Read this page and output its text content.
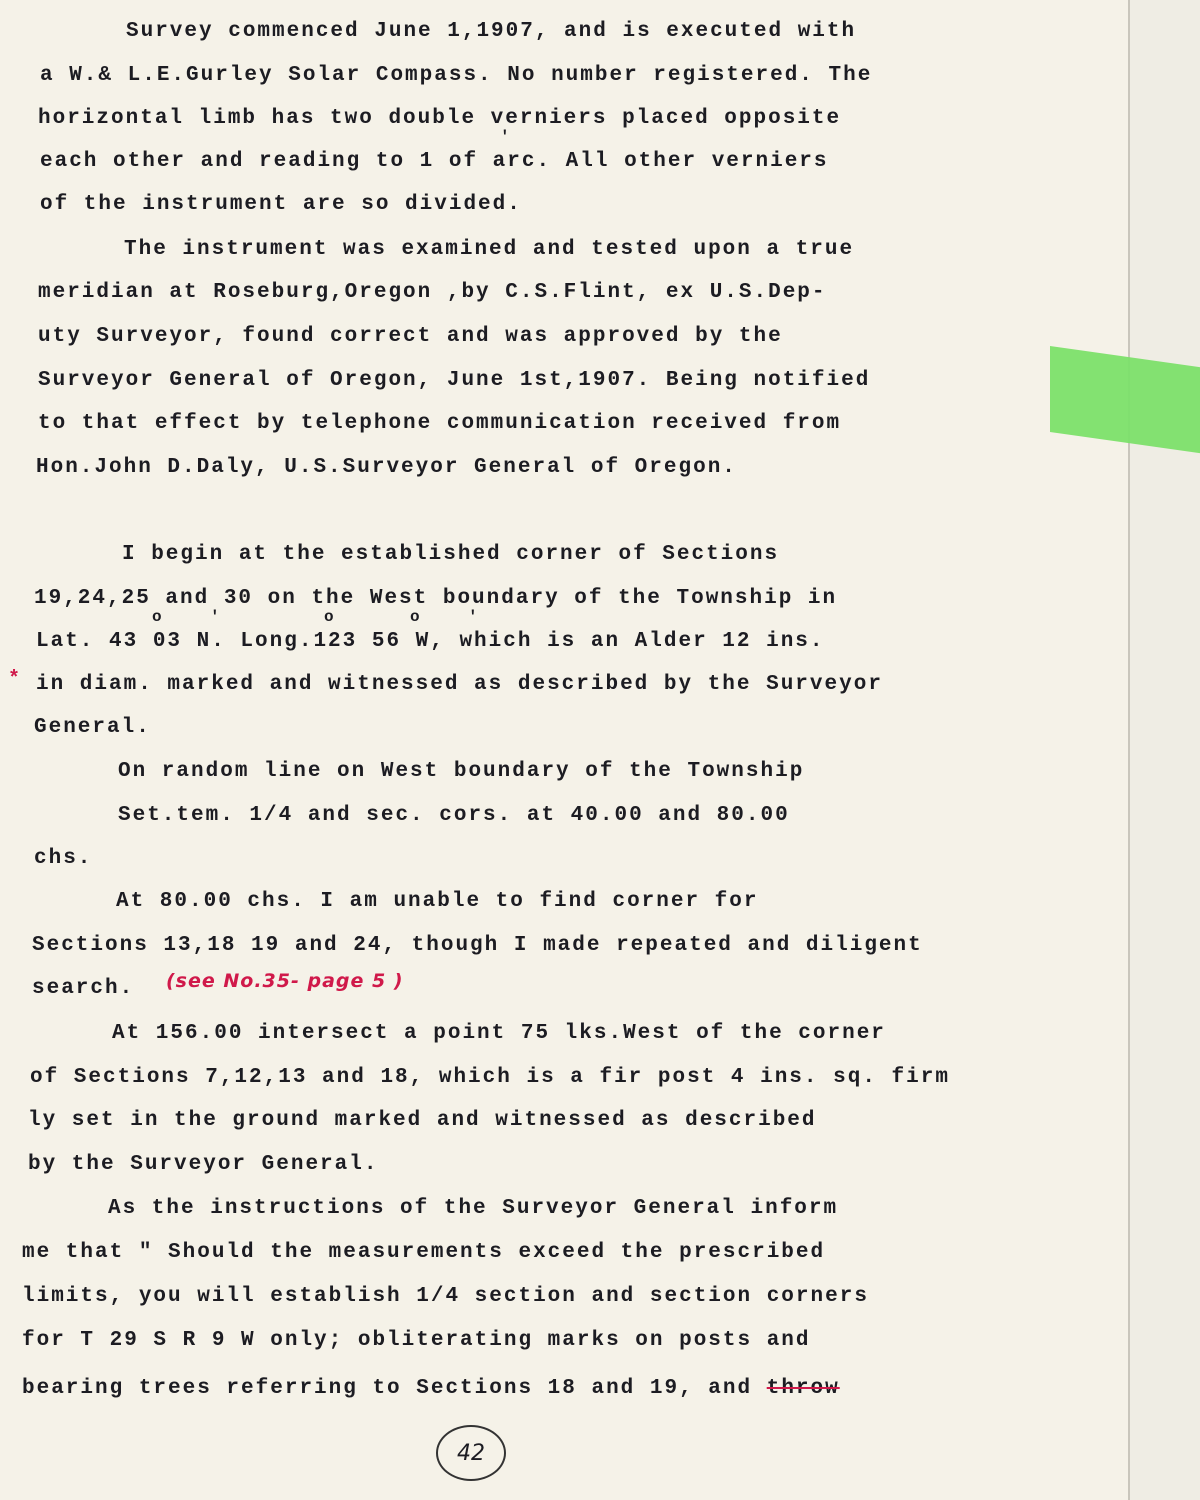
Survey commenced June 1,1907, and is executed with
a W.& L.E.Gurley Solar Compass. No number registered. The
horizontal limb has two double verniers placed opposite
'
each other and reading to 1 of arc. All other verniers
of the instrument are so divided.
The instrument was examined and tested upon a true
meridian at Roseburg,Oregon ,by C.S.Flint, ex U.S.Dep-
uty Surveyor, found correct and was approved by the
Surveyor General of Oregon, June 1st,1907. Being notified
to that effect by telephone communication received from
Hon.John D.Daly, U.S.Surveyor General of Oregon.
I begin at the established corner of Sections
19,24,25 and 30 on the West boundary of the Township in
o	'	o	o	'
Lat. 43 03 N. Long.123 56 W, which is an Alder 12 ins.
* in diam. marked and witnessed as described by the Surveyor
General.
On random line on West boundary of the Township
Set.tem. 1/4 and sec. cors. at 40.00 and 80.00
chs.
At 80.00 chs. I am unable to find corner for
Sections 13,18 19 and 24, though I made repeated and diligent
search. (see No.35- page 5 )
At 156.00 intersect a point 75 lks.West of the corner
of Sections 7,12,13 and 18, which is a fir post 4 ins. sq. firm
ly set in the ground marked and witnessed as described
by the Surveyor General.
As the instructions of the Surveyor General inform
me that " Should the measurements exceed the prescribed
limits, you will establish 1/4 section and section corners
for T 29 S R 9 W only; obliterating marks on posts and
bearing trees referring to Sections 18 and 19, and throw
42
